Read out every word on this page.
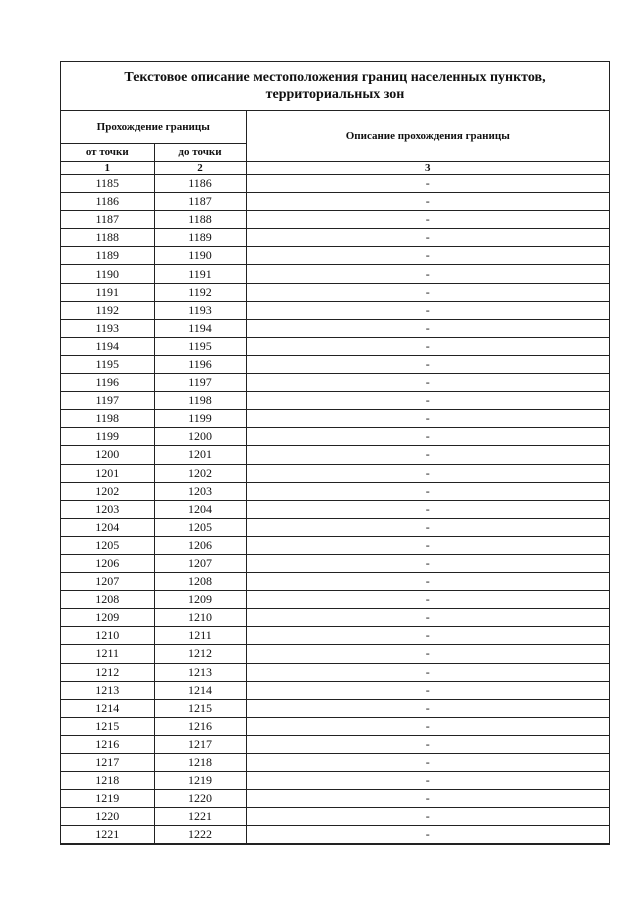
Текстовое описание местоположения границ населенных пунктов, территориальных зон
Прохождение границы		Описание прохождения границы
от точки	до точки	
1	2	3
1185	1186	-
1186	1187	-
1187	1188	-
1188	1189	-
1189	1190	-
1190	1191	-
1191	1192	-
1192	1193	-
1193	1194	-
1194	1195	-
1195	1196	-
1196	1197	-
1197	1198	-
1198	1199	-
1199	1200	-
1200	1201	-
1201	1202	-
1202	1203	-
1203	1204	-
1204	1205	-
1205	1206	-
1206	1207	-
1207	1208	-
1208	1209	-
1209	1210	-
1210	1211	-
1211	1212	-
1212	1213	-
1213	1214	-
1214	1215	-
1215	1216	-
1216	1217	-
1217	1218	-
1218	1219	-
1219	1220	-
1220	1221	-
1221	1222	-
